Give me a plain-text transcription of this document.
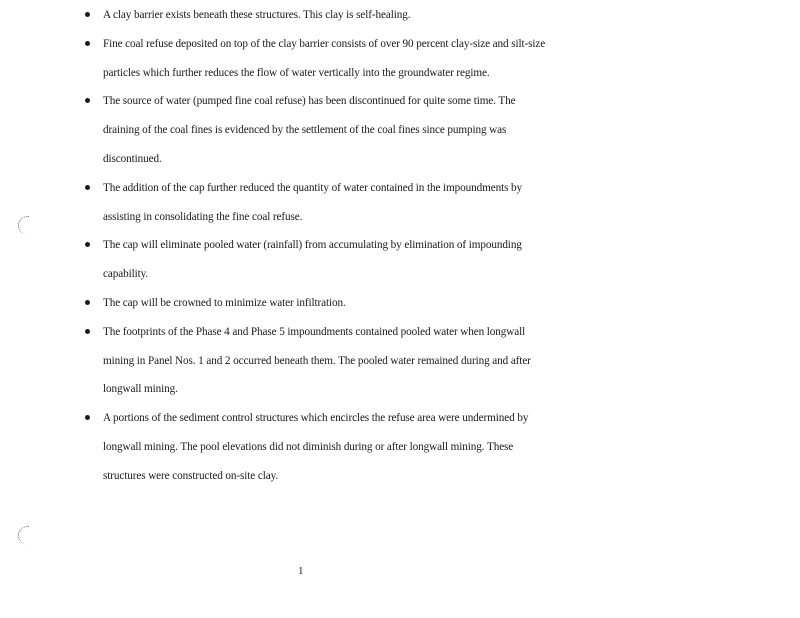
A clay barrier exists beneath these structures. This clay is self-healing.
Fine coal refuse deposited on top of the clay barrier consists of over 90 percent clay-size and silt-size particles which further reduces the flow of water vertically into the groundwater regime.
The source of water (pumped fine coal refuse) has been discontinued for quite some time. The draining of the coal fines is evidenced by the settlement of the coal fines since pumping was discontinued.
The addition of the cap further reduced the quantity of water contained in the impoundments by assisting in consolidating the fine coal refuse.
The cap will eliminate pooled water (rainfall) from accumulating by elimination of impounding capability.
The cap will be crowned to minimize water infiltration.
The footprints of the Phase 4 and Phase 5 impoundments contained pooled water when longwall mining in Panel Nos. 1 and 2 occurred beneath them. The pooled water remained during and after longwall mining.
A portions of the sediment control structures which encircles the refuse area were undermined by longwall mining. The pool elevations did not diminish during or after longwall mining. These structures were constructed on-site clay.
1
